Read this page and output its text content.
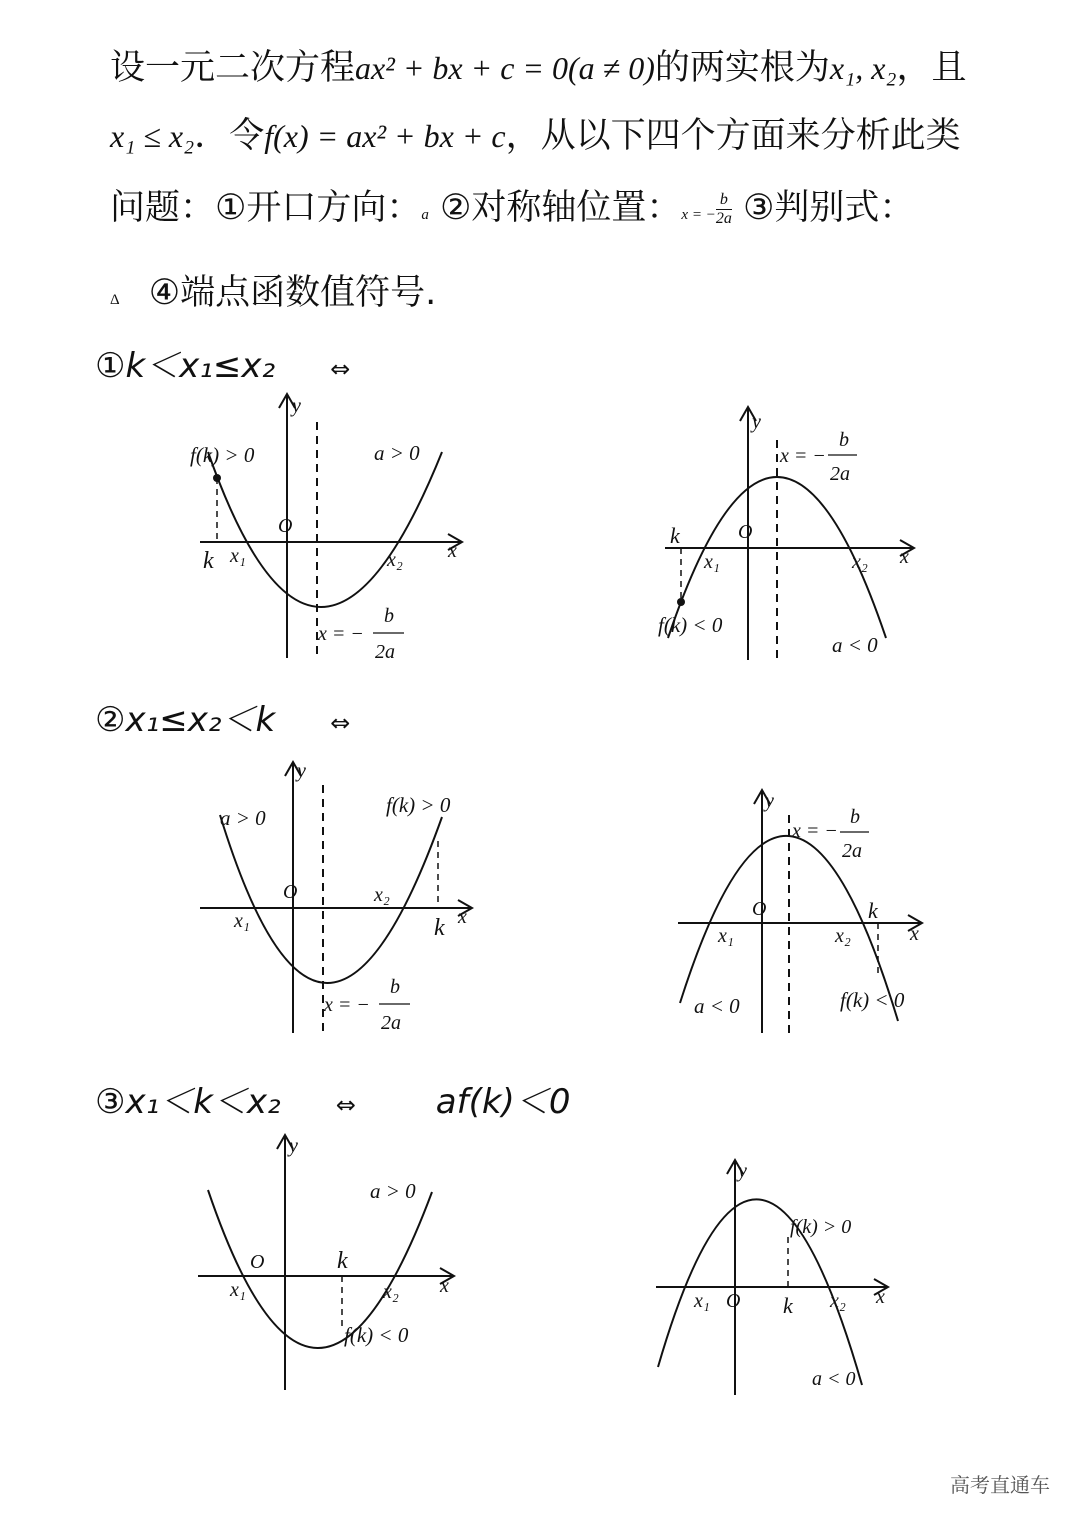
设一元二次方程ax² + bx + c = 0(a ≠ 0)的两实根为x₁, x₂，且
x₁ ≤ x₂．令f(x) = ax² + bx + c，从以下四个方面来分析此类
问题：①开口方向：a ②对称轴位置：x = − $\frac{b}{2a}$ ③判别式：
Δ ④端点函数值符号.
①k＜x₁≤x₂ ⇔
y
O
x
k x₁	x₂
a > 0
f(k) > 0
x = −
b
2a
y
O
x
k
x₁	x₂
f(k) < 0
a < 0
x = −
b
2a
②x₁≤x₂＜k ⇔
y
O
x
k
x₁
x₂
a > 0
f(k) > 0
x = −
b
2a
y
O
x
k
x₁	x₂
a < 0	f(k) < 0
x = −
b
2a
③x₁＜k＜x₂ ⇔ af(k)＜0
y
O
x
k
x₁	x₂
a > 0
f(k) < 0
y
O	x
k
x₁	x₂
f(k) > 0
a < 0
高考直通车
